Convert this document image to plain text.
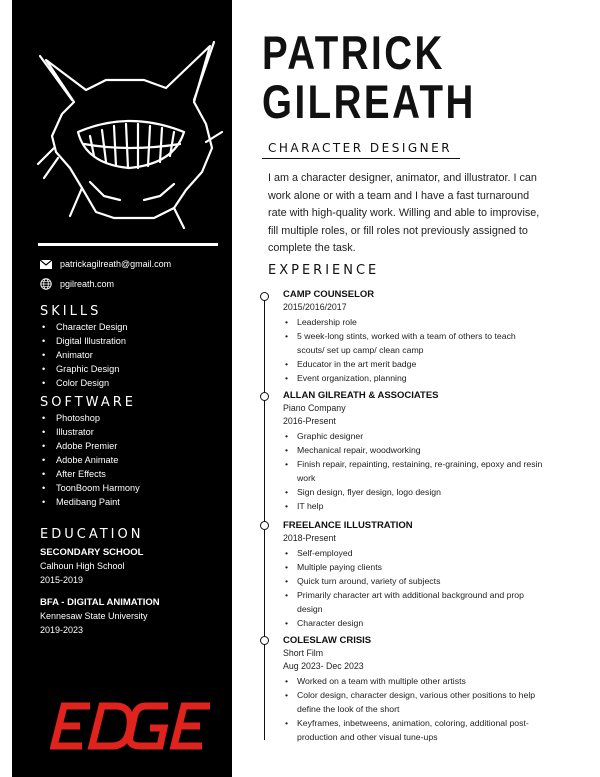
patrickagilreath@gmail.com
pgilreath.com
SKILLS
• Character Design
• Digital Illustration
• Animator
• Graphic Design
• Color Design
SOFTWARE
• Photoshop
• Illustrator
• Adobe Premier
• Adobe Animate
• After Effects
• ToonBoom Harmony
• Medibang Paint
EDUCATION
SECONDARY SCHOOL
Calhoun High School
2015-2019
BFA - DIGITAL ANIMATION
Kennesaw State University
2019-2023
PATRICK
GILREATH
CHARACTER DESIGNER
I am a character designer, animator, and illustrator. I can work alone or with a team and I have a fast turnaround rate with high-quality work. Willing and able to improvise, fill multiple roles, or fill roles not previously assigned to complete the task.
EXPERIENCE
CAMP COUNSELOR
2015/2016/2017
• Leadership role
• 5 week-long stints, worked with a team of others to teach scouts/ set up camp/ clean camp
• Educator in the art merit badge
• Event organization, planning
ALLAN GILREATH & ASSOCIATES
Piano Company
2016-Present
• Graphic designer
• Mechanical repair, woodworking
• Finish repair, repainting, restaining, re-graining, epoxy and resin work
• Sign design, flyer design, logo design
• IT help
FREELANCE ILLUSTRATION
2018-Present
• Self-employed
• Multiple paying clients
• Quick turn around, variety of subjects
• Primarily character art with additional background and prop design
• Character design
COLESLAW CRISIS
Short Film
Aug 2023- Dec 2023
• Worked on a team with multiple other artists
• Color design, character design, various other positions to help define the look of the short
• Keyframes, inbetweens, animation, coloring, additional post-production and other visual tune-ups
